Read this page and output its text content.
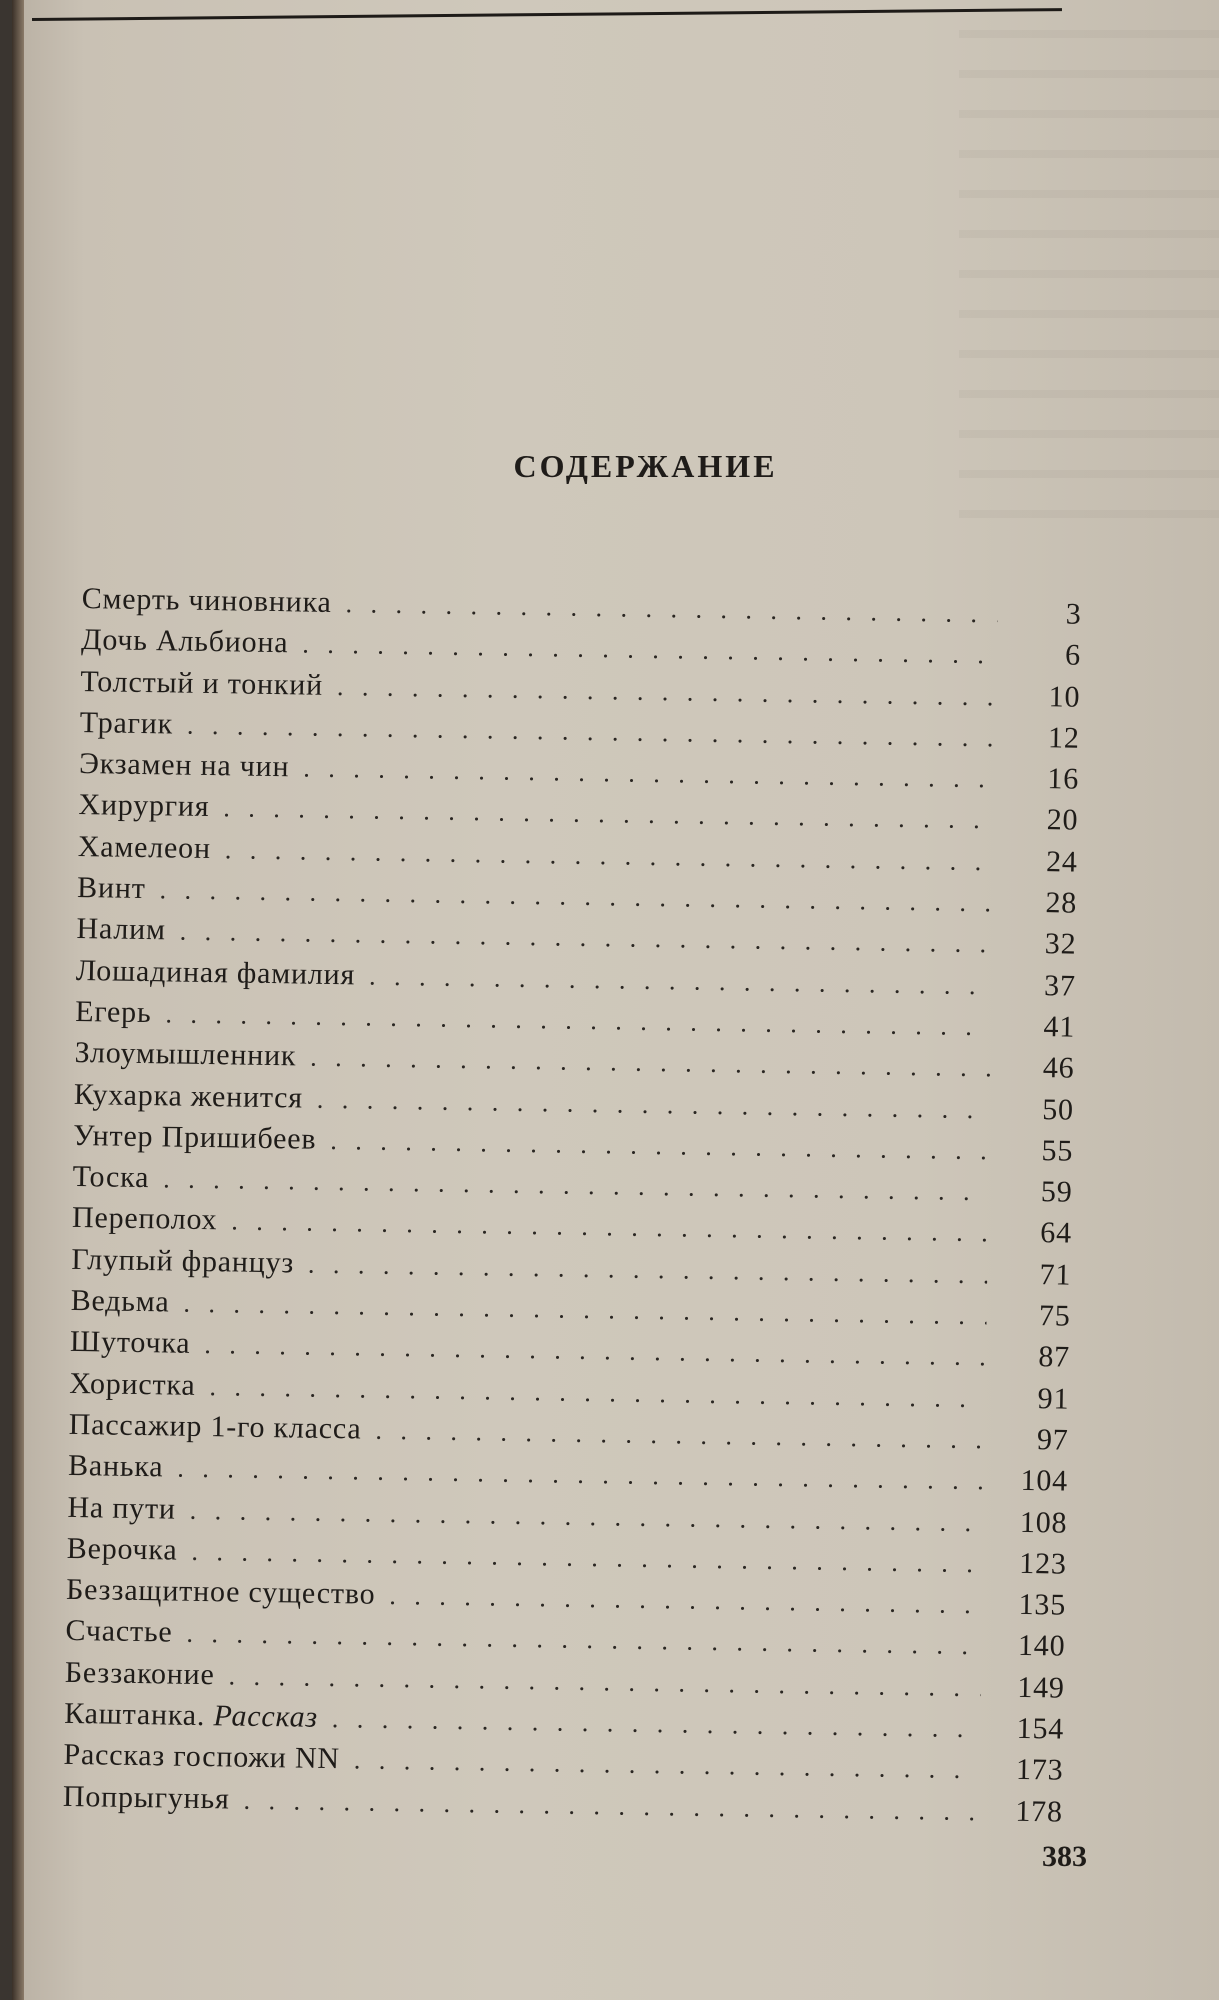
СОДЕРЖАНИЕ
Смерть чиновника . . .	3
Дочь Альбиона . . .	6
Толстый и тонкий . . .	10
Трагик . . .	12
Экзамен на чин . . .	16
Хирургия . . .	20
Хамелеон . . .	24
Винт . . .	28
Налим . . .	32
Лошадиная фамилия . . .	37
Егерь . . .	41
Злоумышленник . . .	46
Кухарка женится . . .	50
Унтер Пришибеев . . .	55
Тоска . . .	59
Переполох . . .	64
Глупый француз . . .	71
Ведьма . . .	75
Шуточка . . .	87
Хористка . . .	91
Пассажир 1-го класса . . .	97
Ванька . . .	104
На пути . . .	108
Верочка . . .	123
Беззащитное существо . . .	135
Счастье . . .	140
Беззаконие . . .	149
Каштанка. Рассказ . . .	154
Рассказ госпожи NN . . .	173
Попрыгунья . . .	178
383
